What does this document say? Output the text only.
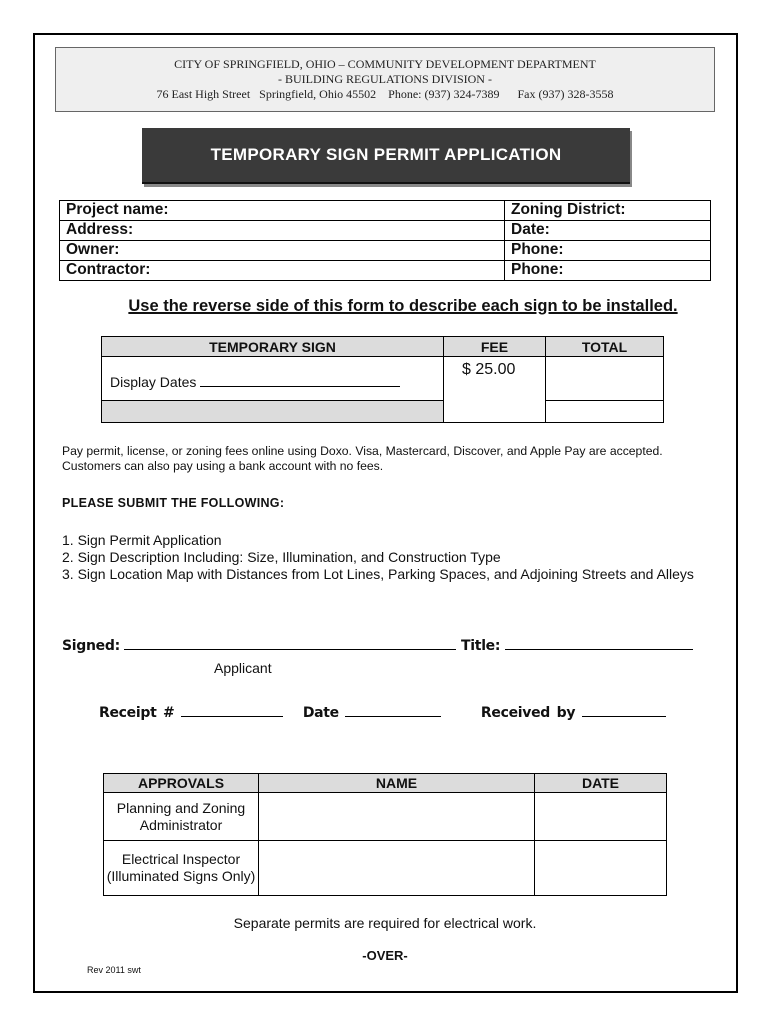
CITY OF SPRINGFIELD, OHIO – COMMUNITY DEVELOPMENT DEPARTMENT
- BUILDING REGULATIONS DIVISION -
76 East High Street Springfield, Ohio 45502 Phone: (937) 324-7389 Fax (937) 328-3558
TEMPORARY SIGN PERMIT APPLICATION
Project name:	Zoning District:
Address:	Date:
Owner:	Phone:
Contractor:	Phone:
Use the reverse side of this form to describe each sign to be installed.
TEMPORARY SIGN	FEE	TOTAL
Display Dates	$ 25.00	

Pay permit, license, or zoning fees online using Doxo. Visa, Mastercard, Discover, and Apple Pay are accepted. Customers can also pay using a bank account with no fees.
PLEASE SUBMIT THE FOLLOWING:
1. Sign Permit Application
2. Sign Description Including: Size, Illumination, and Construction Type
3. Sign Location Map with Distances from Lot Lines, Parking Spaces, and Adjoining Streets and Alleys
Signed:	Title:
Applicant
Receipt #	Date	Received by
APPROVALS	NAME	DATE
Planning and Zoning Administrator		
Electrical Inspector (Illuminated Signs Only)		
Separate permits are required for electrical work.
-OVER-
Rev 2011 swt
